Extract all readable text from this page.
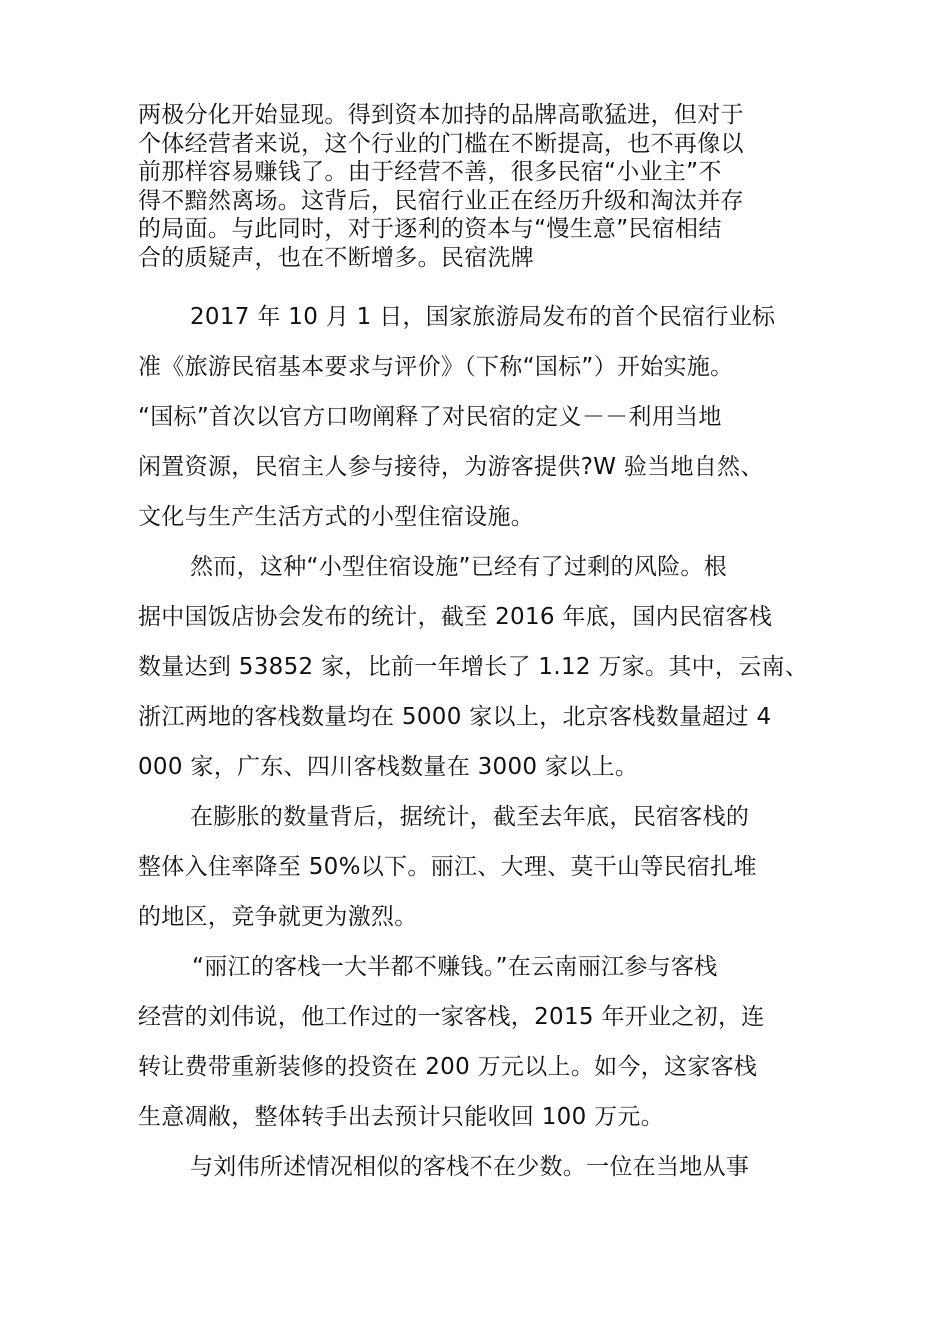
两极分化开始显现。得到资本加持的品牌高歌猛进，但对于
个体经营者来说，这个行业的门槛在不断提高，也不再像以
前那样容易赚钱了。由于经营不善，很多民宿“小业主”不
得不黯然离场。这背后，民宿行业正在经历升级和淘汰并存
的局面。与此同时，对于逐利的资本与“慢生意”民宿相结
合的质疑声，也在不断增多。民宿洗牌
2017 年 10 月 1 日，国家旅游局发布的首个民宿行业标
准《旅游民宿基本要求与评价》（下称“国标”）开始实施。
“国标”首次以官方口吻阐释了对民宿的定义－－利用当地
闲置资源，民宿主人参与接待，为游客提供?W 验当地自然、
文化与生产生活方式的小型住宿设施。
然而，这种“小型住宿设施”已经有了过剩的风险。根
据中国饭店协会发布的统计，截至 2016 年底，国内民宿客栈
数量达到 53852 家，比前一年增长了 1.12 万家。其中，云南、
浙江两地的客栈数量均在 5000 家以上，北京客栈数量超过 4
000 家，广东、四川客栈数量在 3000 家以上。
在膨胀的数量背后，据统计，截至去年底，民宿客栈的
整体入住率降至 50%以下。丽江、大理、莫干山等民宿扎堆
的地区，竞争就更为激烈。
“丽江的客栈一大半都不赚钱。”在云南丽江参与客栈
经营的刘伟说，他工作过的一家客栈，2015 年开业之初，连
转让费带重新装修的投资在 200 万元以上。如今，这家客栈
生意凋敝，整体转手出去预计只能收回 100 万元。
与刘伟所述情况相似的客栈不在少数。一位在当地从事
